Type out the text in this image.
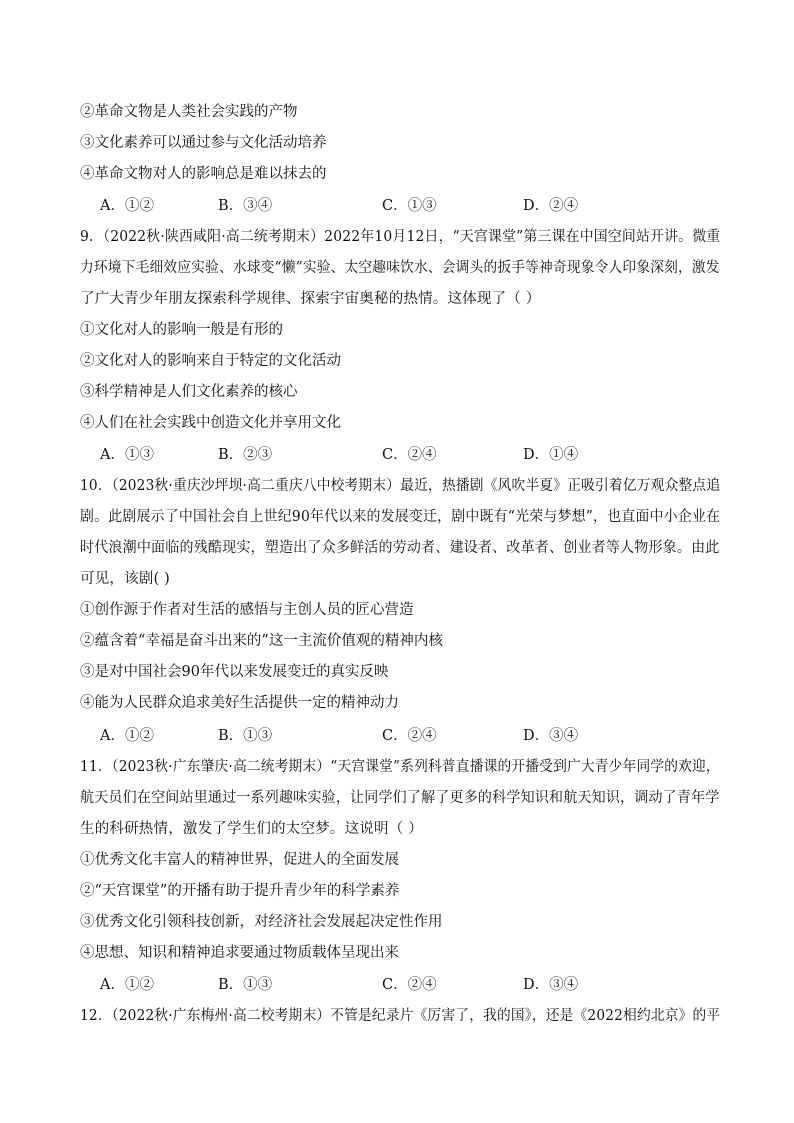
②革命文物是人类社会实践的产物
③文化素养可以通过参与文化活动培养
④革命文物对人的影响总是难以抹去的
A．①②	B．③④	C．①③	D．②④
9．（2022秋·陕西咸阳·高二统考期末）2022年10月12日，“天宫课堂”第三课在中国空间站开讲。微重
力环境下毛细效应实验、水球变“懒”实验、太空趣味饮水、会调头的扳手等神奇现象令人印象深刻，激发
了广大青少年朋友探索科学规律、探索宇宙奥秘的热情。这体现了（ ）
①文化对人的影响一般是有形的
②文化对人的影响来自于特定的文化活动
③科学精神是人们文化素养的核心
④人们在社会实践中创造文化并享用文化
A．①③	B．②③	C．②④	D．①④
10．（2023秋·重庆沙坪坝·高二重庆八中校考期末）最近，热播剧《风吹半夏》正吸引着亿万观众整点追
剧。此剧展示了中国社会自上世纪90年代以来的发展变迁，剧中既有“光荣与梦想”，也直面中小企业在
时代浪潮中面临的残酷现实，塑造出了众多鲜活的劳动者、建设者、改革者、创业者等人物形象。由此
可见，该剧( )
①创作源于作者对生活的感悟与主创人员的匠心营造
②蕴含着“幸福是奋斗出来的”这一主流价值观的精神内核
③是对中国社会90年代以来发展变迁的真实反映
④能为人民群众追求美好生活提供一定的精神动力
A．①②	B．①③	C．②④	D．③④
11．（2023秋·广东肇庆·高二统考期末）“天宫课堂”系列科普直播课的开播受到广大青少年同学的欢迎，
航天员们在空间站里通过一系列趣味实验，让同学们了解了更多的科学知识和航天知识，调动了青年学
生的科研热情，激发了学生们的太空梦。这说明（ ）
①优秀文化丰富人的精神世界，促进人的全面发展
②“天宫课堂”的开播有助于提升青少年的科学素养
③优秀文化引领科技创新，对经济社会发展起决定性作用
④思想、知识和精神追求要通过物质载体呈现出来
A．①②	B．①③	C．②④	D．③④
12．（2022秋·广东梅州·高二校考期末）不管是纪录片《厉害了，我的国》，还是《2022相约北京》的平
